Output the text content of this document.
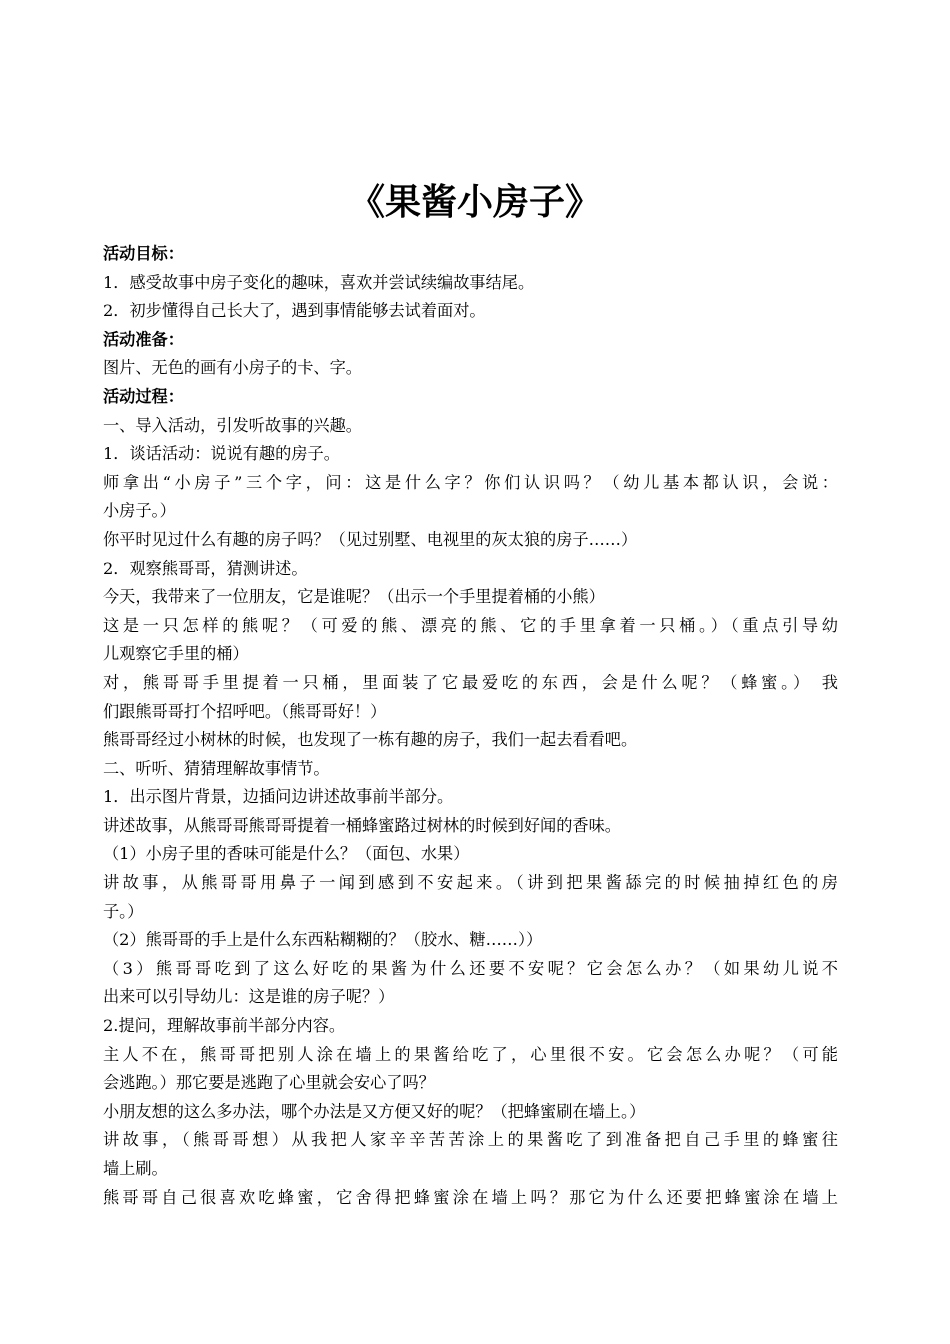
《果酱小房子》
活动目标：
1．感受故事中房子变化的趣味，喜欢并尝试续编故事结尾。
2．初步懂得自己长大了，遇到事情能够去试着面对。
活动准备：
图片、无色的画有小房子的卡、字。
活动过程：
一、导入活动，引发听故事的兴趣。
1．谈话活动：说说有趣的房子。
师拿出“小房子”三个字，问：这是什么字？你们认识吗？（幼儿基本都认识，会说：
小房子。）
你平时见过什么有趣的房子吗？（见过别墅、电视里的灰太狼的房子……）
2．观察熊哥哥，猜测讲述。
今天，我带来了一位朋友，它是谁呢？（出示一个手里提着桶的小熊）
这是一只怎样的熊呢？（可爱的熊、漂亮的熊、它的手里拿着一只桶。）（重点引导幼
儿观察它手里的桶）
对，熊哥哥手里提着一只桶，里面装了它最爱吃的东西，会是什么呢？（蜂蜜。） 我
们跟熊哥哥打个招呼吧。（熊哥哥好！）
熊哥哥经过小树林的时候，也发现了一栋有趣的房子，我们一起去看看吧。
二、听听、猜猜理解故事情节。
1．出示图片背景，边插问边讲述故事前半部分。
讲述故事，从熊哥哥熊哥哥提着一桶蜂蜜路过树林的时候到好闻的香味。
（1）小房子里的香味可能是什么？（面包、水果）
讲故事，从熊哥哥用鼻子一闻到感到不安起来。（讲到把果酱舔完的时候抽掉红色的房
子。）
（2）熊哥哥的手上是什么东西粘糊糊的？（胶水、糖……））
（3）熊哥哥吃到了这么好吃的果酱为什么还要不安呢？它会怎么办？（如果幼儿说不
出来可以引导幼儿：这是谁的房子呢？）
2.提问，理解故事前半部分内容。
主人不在，熊哥哥把别人涂在墙上的果酱给吃了，心里很不安。它会怎么办呢？（可能
会逃跑。）那它要是逃跑了心里就会安心了吗？
小朋友想的这么多办法，哪个办法是又方便又好的呢？（把蜂蜜刷在墙上。）
讲故事，（熊哥哥想）从我把人家辛辛苦苦涂上的果酱吃了到准备把自己手里的蜂蜜往
墙上刷。
熊哥哥自己很喜欢吃蜂蜜，它舍得把蜂蜜涂在墙上吗？那它为什么还要把蜂蜜涂在墙上
